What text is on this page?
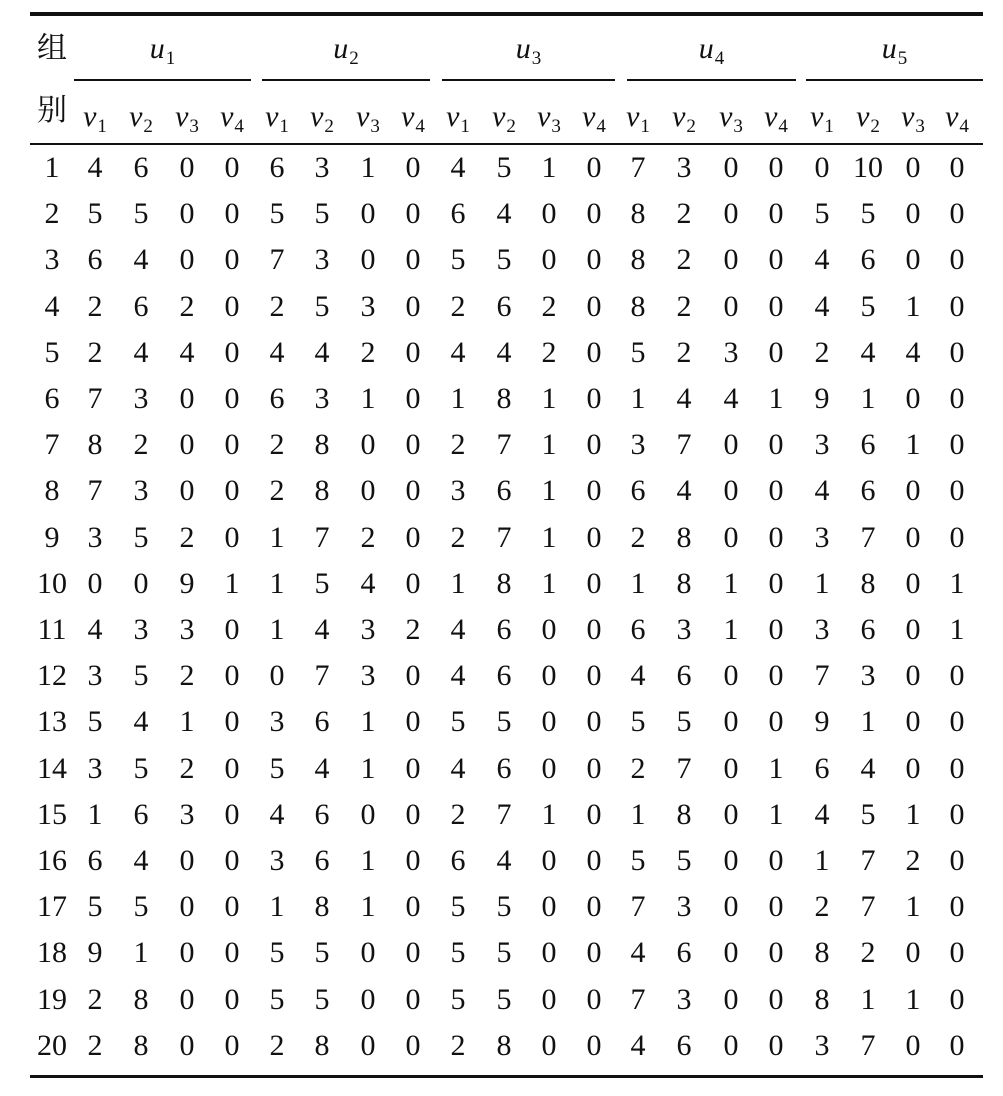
组
别
$u_1$
$v_1$ $v_2$ $v_3$ $v_4$
$u_2$
$v_1$ $v_2$ $v_3$ $v_4$
$u_3$
$v_1$ $v_2$ $v_3$ $v_4$
$u_4$
$v_1$ $v_2$ $v_3$ $v_4$
$u_5$
$v_1$ $v_2$ $v_3$ $v_4$
1 4 6 0 0 6 3 1 0 4 5 1 0 7 3 0 0 0 10 0 0
2 5 5 0 0 5 5 0 0 6 4 0 0 8 2 0 0 5 5 0 0
3 6 4 0 0 7 3 0 0 5 5 0 0 8 2 0 0 4 6 0 0
4 2 6 2 0 2 5 3 0 2 6 2 0 8 2 0 0 4 5 1 0
5 2 4 4 0 4 4 2 0 4 4 2 0 5 2 3 0 2 4 4 0
6 7 3 0 0 6 3 1 0 1 8 1 0 1 4 4 1 9 1 0 0
7 8 2 0 0 2 8 0 0 2 7 1 0 3 7 0 0 3 6 1 0
8 7 3 0 0 2 8 0 0 3 6 1 0 6 4 0 0 4 6 0 0
9 3 5 2 0 1 7 2 0 2 7 1 0 2 8 0 0 3 7 0 0
10 0 0 9 1 1 5 4 0 1 8 1 0 1 8 1 0 1 8 0 1
11 4 3 3 0 1 4 3 2 4 6 0 0 6 3 1 0 3 6 0 1
12 3 5 2 0 0 7 3 0 4 6 0 0 4 6 0 0 7 3 0 0
13 5 4 1 0 3 6 1 0 5 5 0 0 5 5 0 0 9 1 0 0
14 3 5 2 0 5 4 1 0 4 6 0 0 2 7 0 1 6 4 0 0
15 1 6 3 0 4 6 0 0 2 7 1 0 1 8 0 1 4 5 1 0
16 6 4 0 0 3 6 1 0 6 4 0 0 5 5 0 0 1 7 2 0
17 5 5 0 0 1 8 1 0 5 5 0 0 7 3 0 0 2 7 1 0
18 9 1 0 0 5 5 0 0 5 5 0 0 4 6 0 0 8 2 0 0
19 2 8 0 0 5 5 0 0 5 5 0 0 7 3 0 0 8 1 1 0
20 2 8 0 0 2 8 0 0 2 8 0 0 4 6 0 0 3 7 0 0
